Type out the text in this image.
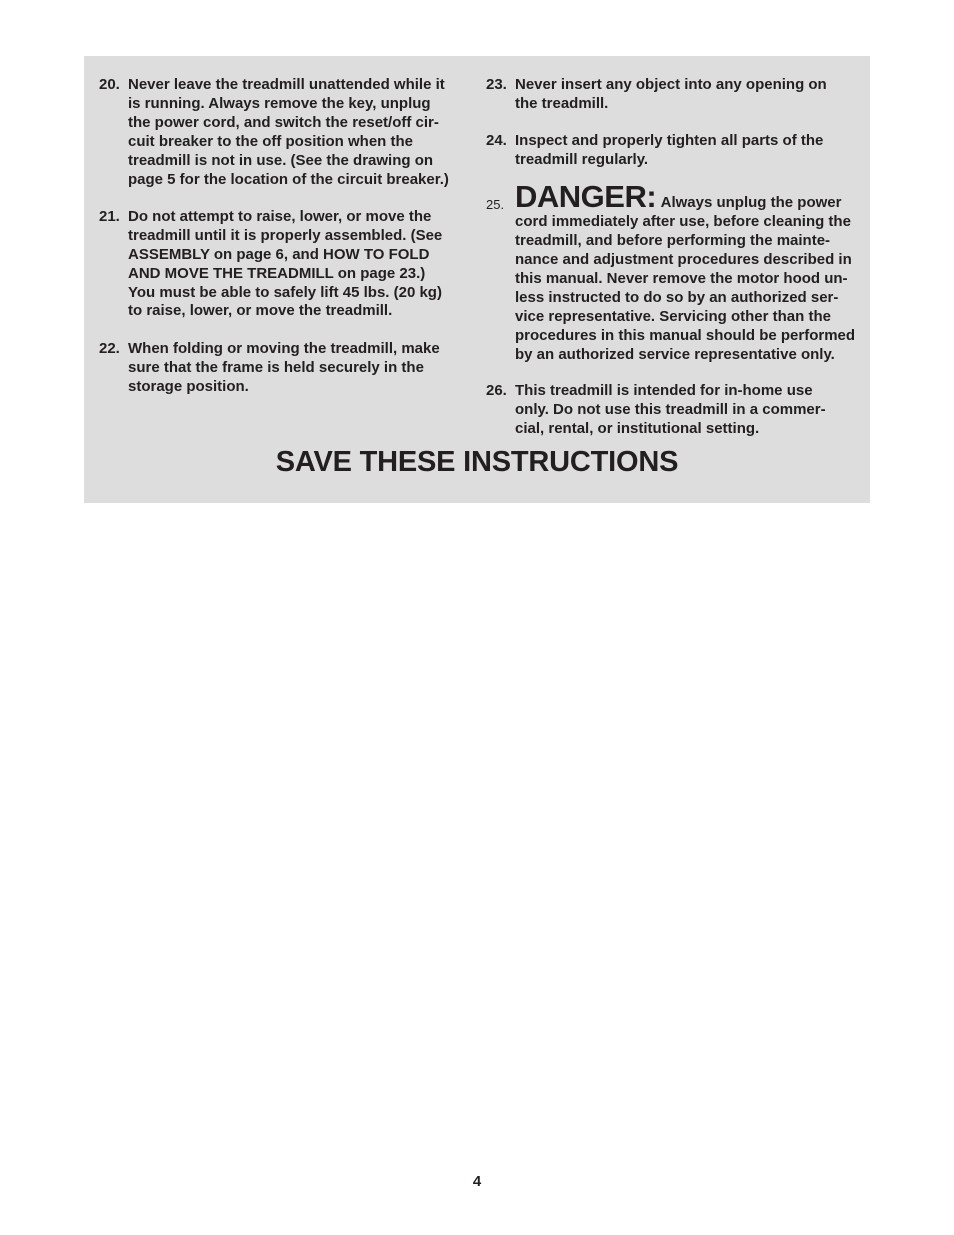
20. Never leave the treadmill unattended while it
is running. Always remove the key, unplug
the power cord, and switch the reset/off cir-
cuit breaker to the off position when the
treadmill is not in use. (See the drawing on
page 5 for the location of the circuit breaker.)
21. Do not attempt to raise, lower, or move the
treadmill until it is properly assembled. (See
ASSEMBLY on page 6, and HOW TO FOLD
AND MOVE THE TREADMILL on page 23.)
You must be able to safely lift 45 lbs. (20 kg)
to raise, lower, or move the treadmill.
22. When folding or moving the treadmill, make
sure that the frame is held securely in the
storage position.
23. Never insert any object into any opening on
the treadmill.
24. Inspect and properly tighten all parts of the
treadmill regularly.
25. DANGER: Always unplug the power
cord immediately after use, before cleaning the
treadmill, and before performing the mainte-
nance and adjustment procedures described in
this manual. Never remove the motor hood un-
less instructed to do so by an authorized ser-
vice representative. Servicing other than the
procedures in this manual should be performed
by an authorized service representative only.
26. This treadmill is intended for in-home use
only. Do not use this treadmill in a commer-
cial, rental, or institutional setting.
SAVE THESE INSTRUCTIONS
4
